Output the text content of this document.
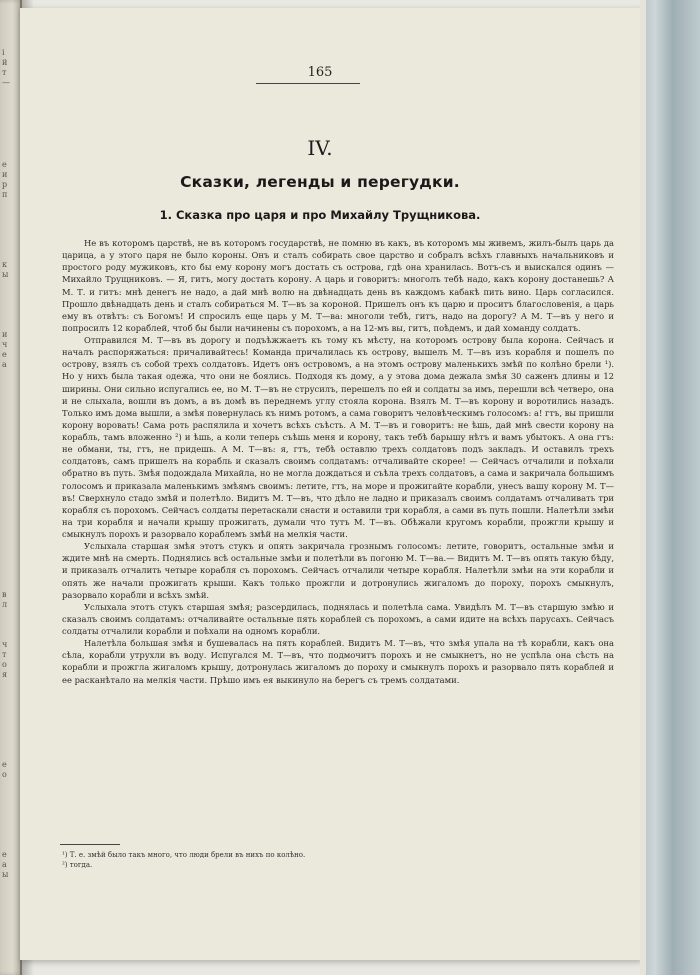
i
й
т
—
е
и
р
п
к
ы
и
ч
е
а
в
л
ч
т
о
я
е
о
е
а
ы
165
IV.
Сказки, легенды и перегудки.
1. Сказка про царя и про Михайлу Трущникова.

Не въ которомъ царствѣ, не въ которомъ государствѣ, не помню въ какъ, въ которомъ мы живемъ, жилъ-былъ царь да царица, а у этого царя не было короны. Онъ и сталъ собирать свое царство и собралъ всѣхъ главныхъ начальниковъ и простого роду мужиковъ, кто бы ему корону могъ достать съ острова, гдѣ она хранилась. Вотъ-съ и выискался одинъ — Михайло Трущниковъ. — Я, гитъ, могу достать корону. А царь и говоритъ: многолъ тебѣ надо, какъ корону достанешь? А М. Т. и гитъ: мнѣ денегъ не надо, а дай мнѣ волю на двѣнадцать день въ каждомъ кабакѣ пить вино. Царь согласился. Прошло двѣнадцать день и сталъ собираться М. Т—въ за короной. Пришелъ онъ къ царю и проситъ благословенія, а царь ему въ отвѣтъ: съ Богомъ! И спросилъ еще царь у М. Т—ва: многоли тебѣ, гитъ, надо на дорогу? А М. Т—въ у него и попросилъ 12 кораблей, чтоб бы были начинены съ порохомъ, а на 12-мъ вы, гитъ, поѣдемъ, и дай хоманду солдатъ.

Отправился М. Т—въ въ дорогу и подъѣжжаетъ къ тому къ мѣсту, на которомъ острову была корона. Сейчасъ и началъ распоряжаться: причаливайтесь! Команда причалилась къ острову, вышелъ М. Т—въ изъ корабля и пошелъ по острову, взялъ съ собой трехъ солдатовъ. Идетъ онъ островомъ, а на этомъ острову маленькихъ змѣй по колѣно брели ¹). Но у нихъ была такая одежа, что они не боялись. Подходя къ дому, а у этова дома дежала змѣя 30 саженъ длины и 12 ширины. Они сильно испугались ее, но М. Т—въ не струсилъ, перешелъ по ей и солдаты за имъ, перешли всѣ четверо, она и не слыхала, вошли въ домъ, а въ домѣ въ переднемъ углу стояла корона. Взялъ М. Т—въ корону и воротились назадъ. Только имъ дома вышли, а змѣя повернулась къ нимъ ротомъ, а сама говоритъ человѣческимъ голосомъ: а! гтъ, вы пришли корону воровать! Сама роть распялила и хочетъ всѣхъ съѣсть. А М. Т—въ и говоритъ: не ѣшь, дай мнѣ свести корону на корабль, тамъ вложенно ²) и ѣшь, а коли теперь съѣшь меня и корону, такъ тебѣ барышу нѣтъ и вамъ убытокъ. А она гтъ: не обмани, ты, гтъ, не придешь. А М. Т—въ: я, гтъ, тебѣ оставлю трехъ солдатовъ подъ закладъ. И оставилъ трехъ солдатовъ, самъ пришелъ на корабль и сказалъ своимъ солдатамъ: отчаливайте скорее! — Сейчасъ отчалили и поѣхали обратно въ путь. Змѣя подождала Михайла, но не могла дождаться и съѣла трехъ солдатовъ, а сама и закричала большимъ голосомъ и приказала маленькимъ змѣямъ своимъ: летите, гтъ, на море и прожигайте корабли, унесъ вашу корону М. Т—въ! Сверхнуло стадо змѣй и полетѣло. Видитъ М. Т—въ, что дѣло не ладно и приказалъ своимъ солдатамъ отчаливать три корабля съ порохомъ. Сейчасъ солдаты перетаскали снасти и оставили три корабля, а сами въ путь пошли. Налетѣли змѣи на три корабля и начали крышу прожигать, думали что тутъ М. Т—въ. Обѣжали кругомъ корабли, прожгли крышу и смыкнулъ порохъ и разорвало кораблемъ змѣй на мелкія части.

Услыхала старшая змѣя этотъ стукъ и опять закричала грознымъ голосомъ: летите, говоритъ, остальные змѣи и ждите мнѣ на смерть. Поднялись всѣ остальные змѣи и полетѣли въ погоню М. Т—ва.— Видитъ М. Т—въ опять такую бѣду, и приказалъ отчалить четыре корабля съ порохомъ. Сейчасъ отчалили четыре корабля. Налетѣли змѣи на эти корабли и опять же начали прожигать крыши. Какъ только прожгли и дотронулись жигаломъ до пороху, порохъ смыкнулъ, разорвало корабли и всѣхъ змѣй.

Услыхала этотъ стукъ старшая змѣя; разсердилась, поднялась и полетѣла сама. Увидѣлъ М. Т—въ старшую змѣю и сказалъ своимъ солдатамъ: отчаливайте остальные пять кораблей съ порохомъ, а сами идите на всѣхъ парусахъ. Сейчасъ солдаты отчалили корабли и поѣхали на одномъ корабли.

Налетѣла большая змѣя и бушевалась на пять кораблей. Видитъ М. Т—въ, что змѣя упала на тѣ корабли, какъ она сѣла, корабли утрухли въ воду. Испугался М. Т—въ, что подмочитъ порохъ и не смыкнетъ, но не успѣла она сѣсть на корабли и прожгла жигаломъ крышу, дотронулась жигаломъ до пороху и смыкнулъ порохъ и разорвало пять кораблей и ее расканѣтало на мелкія части. Прѣшо имъ ея выкинуло на берегъ съ тремъ солдатами.

¹) Т. е. змѣй было такъ много, что люди брели въ нихъ по колѣно.
²) тогда.
